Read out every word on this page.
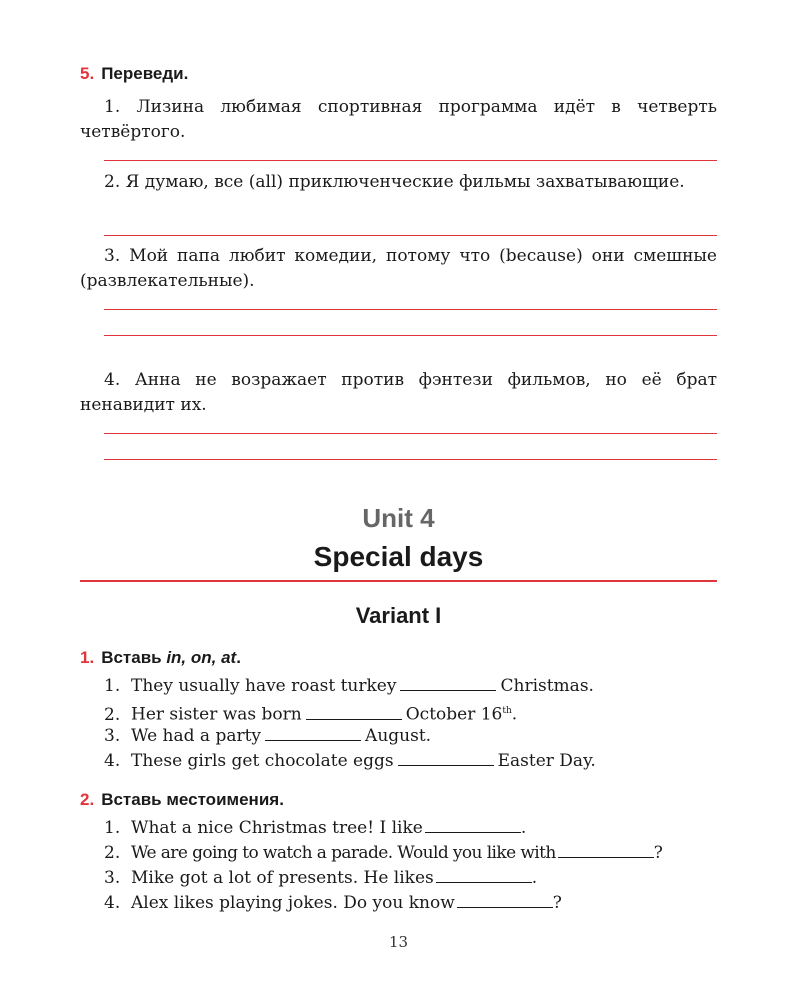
5. Переведи.
1. Лизина любимая спортивная программа идёт в четверть четвёртого.
2. Я думаю, все (all) приключенческие фильмы захватывающие.
3. Мой папа любит комедии, потому что (because) они смешные (развлекательные).
4. Анна не возражает против фэнтези фильмов, но её брат ненавидит их.
Unit 4
Special days
Variant I
1. Вставь in, on, at.
1. They usually have roast turkey	Christmas.
2. Her sister was born	October 16th.
3. We had a party	August.
4. These girls get chocolate eggs	Easter Day.
2. Вставь местоимения.
1. What a nice Christmas tree! I like	.
2. We are going to watch a parade. Would you like with	?
3. Mike got a lot of presents. He likes	.
4. Alex likes playing jokes. Do you know	?
13
